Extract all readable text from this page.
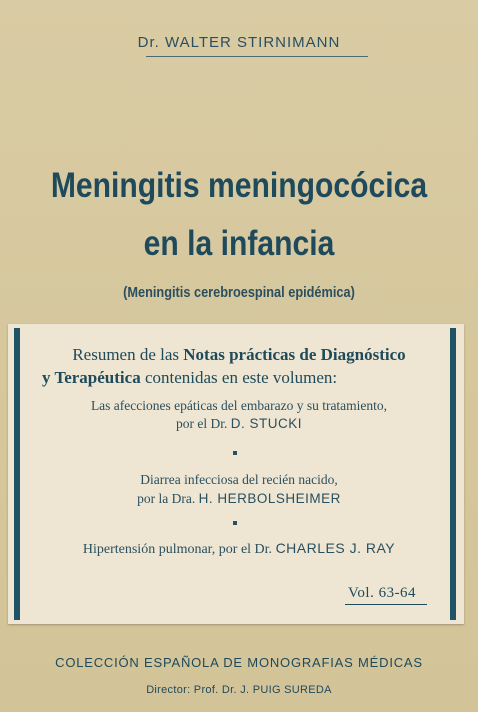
Dr. WALTER STIRNIMANN
Meningitis meningocócica
en la infancia
(Meningitis cerebroespinal epidémica)
Resumen de las Notas prácticas de Diagnóstico
y Terapéutica contenidas en este volumen:
Las afecciones epáticas del embarazo y su tratamiento,
por el Dr. D. STUCKI
Diarrea infecciosa del recién nacido,
por la Dra. H. HERBOLSHEIMER
Hipertensión pulmonar, por el Dr. CHARLES J. RAY
Vol. 63-64
COLECCIÓN ESPAÑOLA DE MONOGRAFIAS MÉDICAS
Director: Prof. Dr. J. PUIG SUREDA
